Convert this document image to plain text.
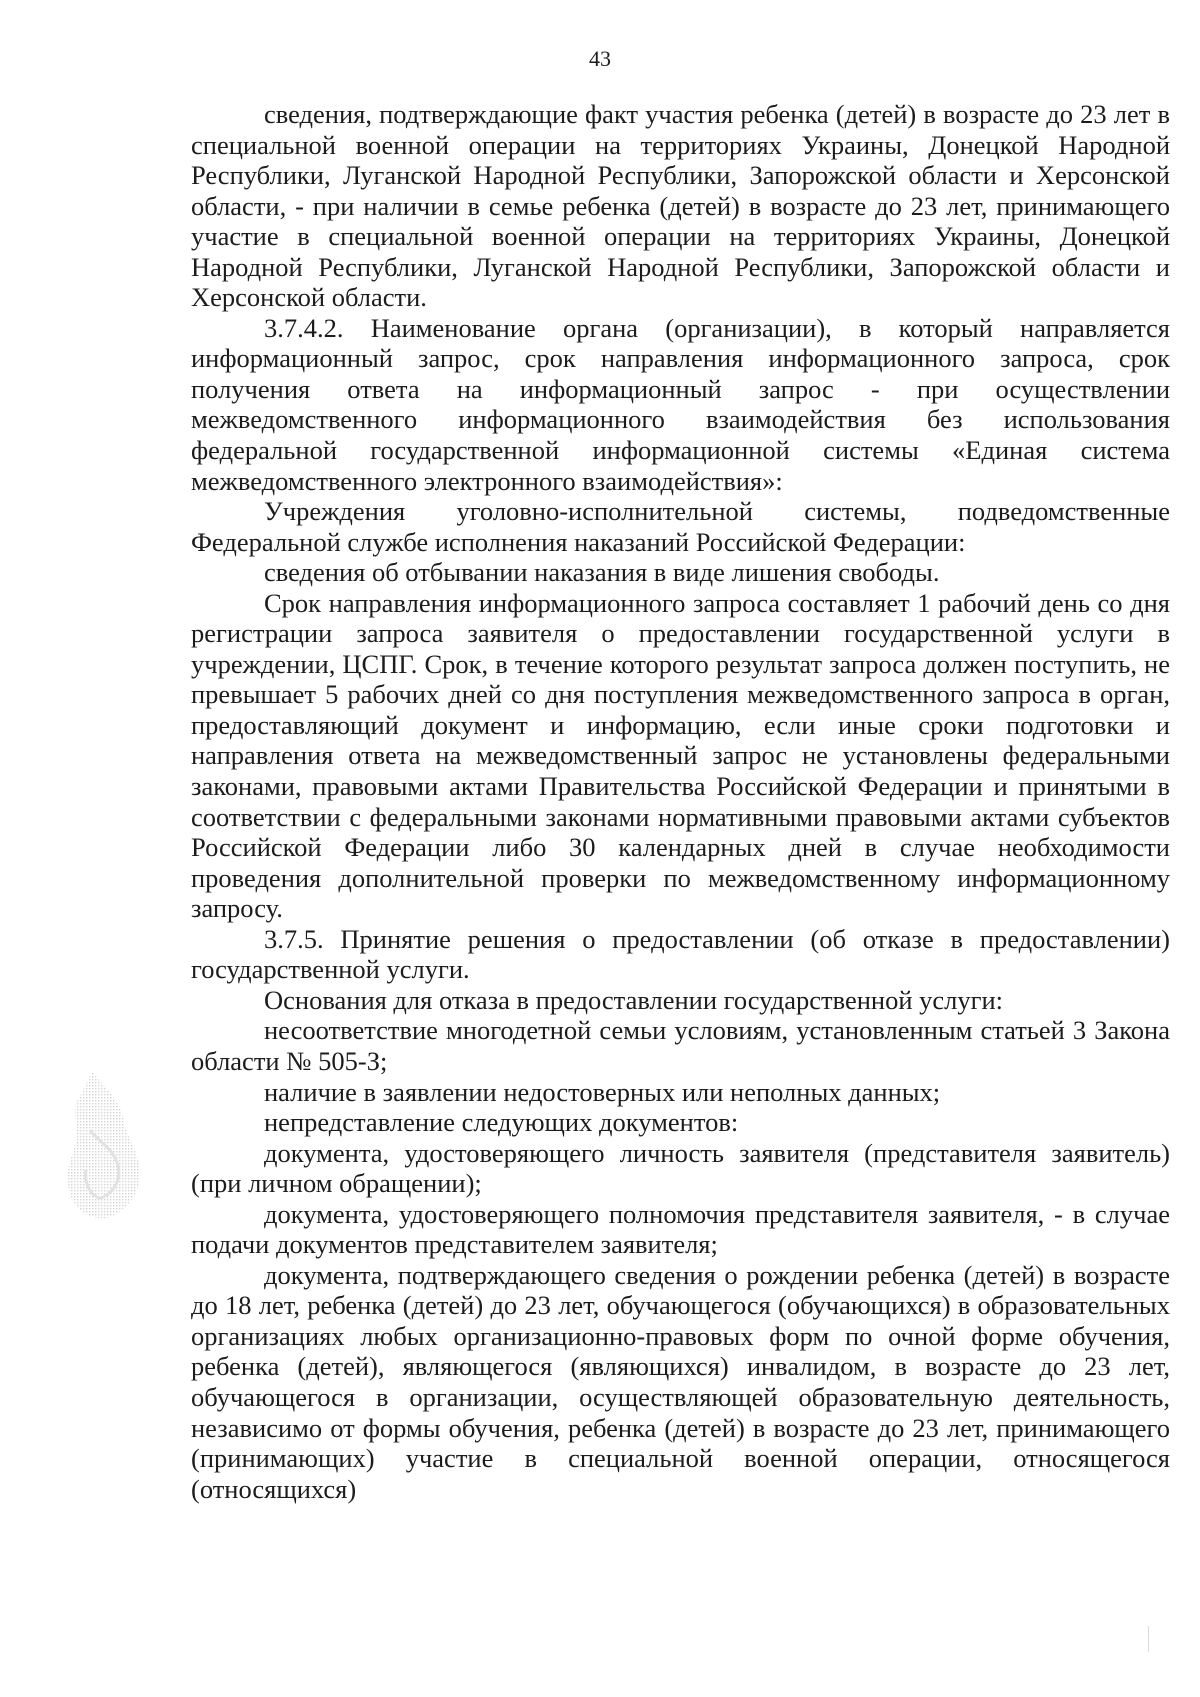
43

сведения, подтверждающие факт участия ребенка (детей) в возрасте до 23 лет в специальной военной операции на территориях Украины, Донецкой Народной Республики, Луганской Народной Республики, Запорожской области и Херсонской области, - при наличии в семье ребенка (детей) в возрасте до 23 лет, принимающего участие в специальной военной операции на территориях Украины, Донецкой Народной Республики, Луганской Народной Республики, Запорожской области и Херсонской области.

3.7.4.2. Наименование органа (организации), в который направляется информационный запрос, срок направления информационного запроса, срок получения ответа на информационный запрос - при осуществлении межведомственного информационного взаимодействия без использования федеральной государственной информационной системы «Единая система межведомственного электронного взаимодействия»:

Учреждения уголовно-исполнительной системы, подведомственные Федеральной службе исполнения наказаний Российской Федерации:

сведения об отбывании наказания в виде лишения свободы.

Срок направления информационного запроса составляет 1 рабочий день со дня регистрации запроса заявителя о предоставлении государственной услуги в учреждении, ЦСПГ. Срок, в течение которого результат запроса должен поступить, не превышает 5 рабочих дней со дня поступления межведомственного запроса в орган, предоставляющий документ и информацию, если иные сроки подготовки и направления ответа на межведомственный запрос не установлены федеральными законами, правовыми актами Правительства Российской Федерации и принятыми в соответствии с федеральными законами нормативными правовыми актами субъектов Российской Федерации либо 30 календарных дней в случае необходимости проведения дополнительной проверки по межведомственному информационному запросу.

3.7.5. Принятие решения о предоставлении (об отказе в предоставлении) государственной услуги.

Основания для отказа в предоставлении государственной услуги:

несоответствие многодетной семьи условиям, установленным статьей 3 Закона области № 505-З;

наличие в заявлении недостоверных или неполных данных;

непредставление следующих документов:

документа, удостоверяющего личность заявителя (представителя заявитель) (при личном обращении);

документа, удостоверяющего полномочия представителя заявителя, - в случае подачи документов представителем заявителя;

документа, подтверждающего сведения о рождении ребенка (детей) в возрасте до 18 лет, ребенка (детей) до 23 лет, обучающегося (обучающихся) в образовательных организациях любых организационно-правовых форм по очной форме обучения, ребенка (детей), являющегося (являющихся) инвалидом, в возрасте до 23 лет, обучающегося в организации, осуществляющей образовательную деятельность, независимо от формы обучения, ребенка (детей) в возрасте до 23 лет, принимающего (принимающих) участие в специальной военной операции, относящегося (относящихся)
